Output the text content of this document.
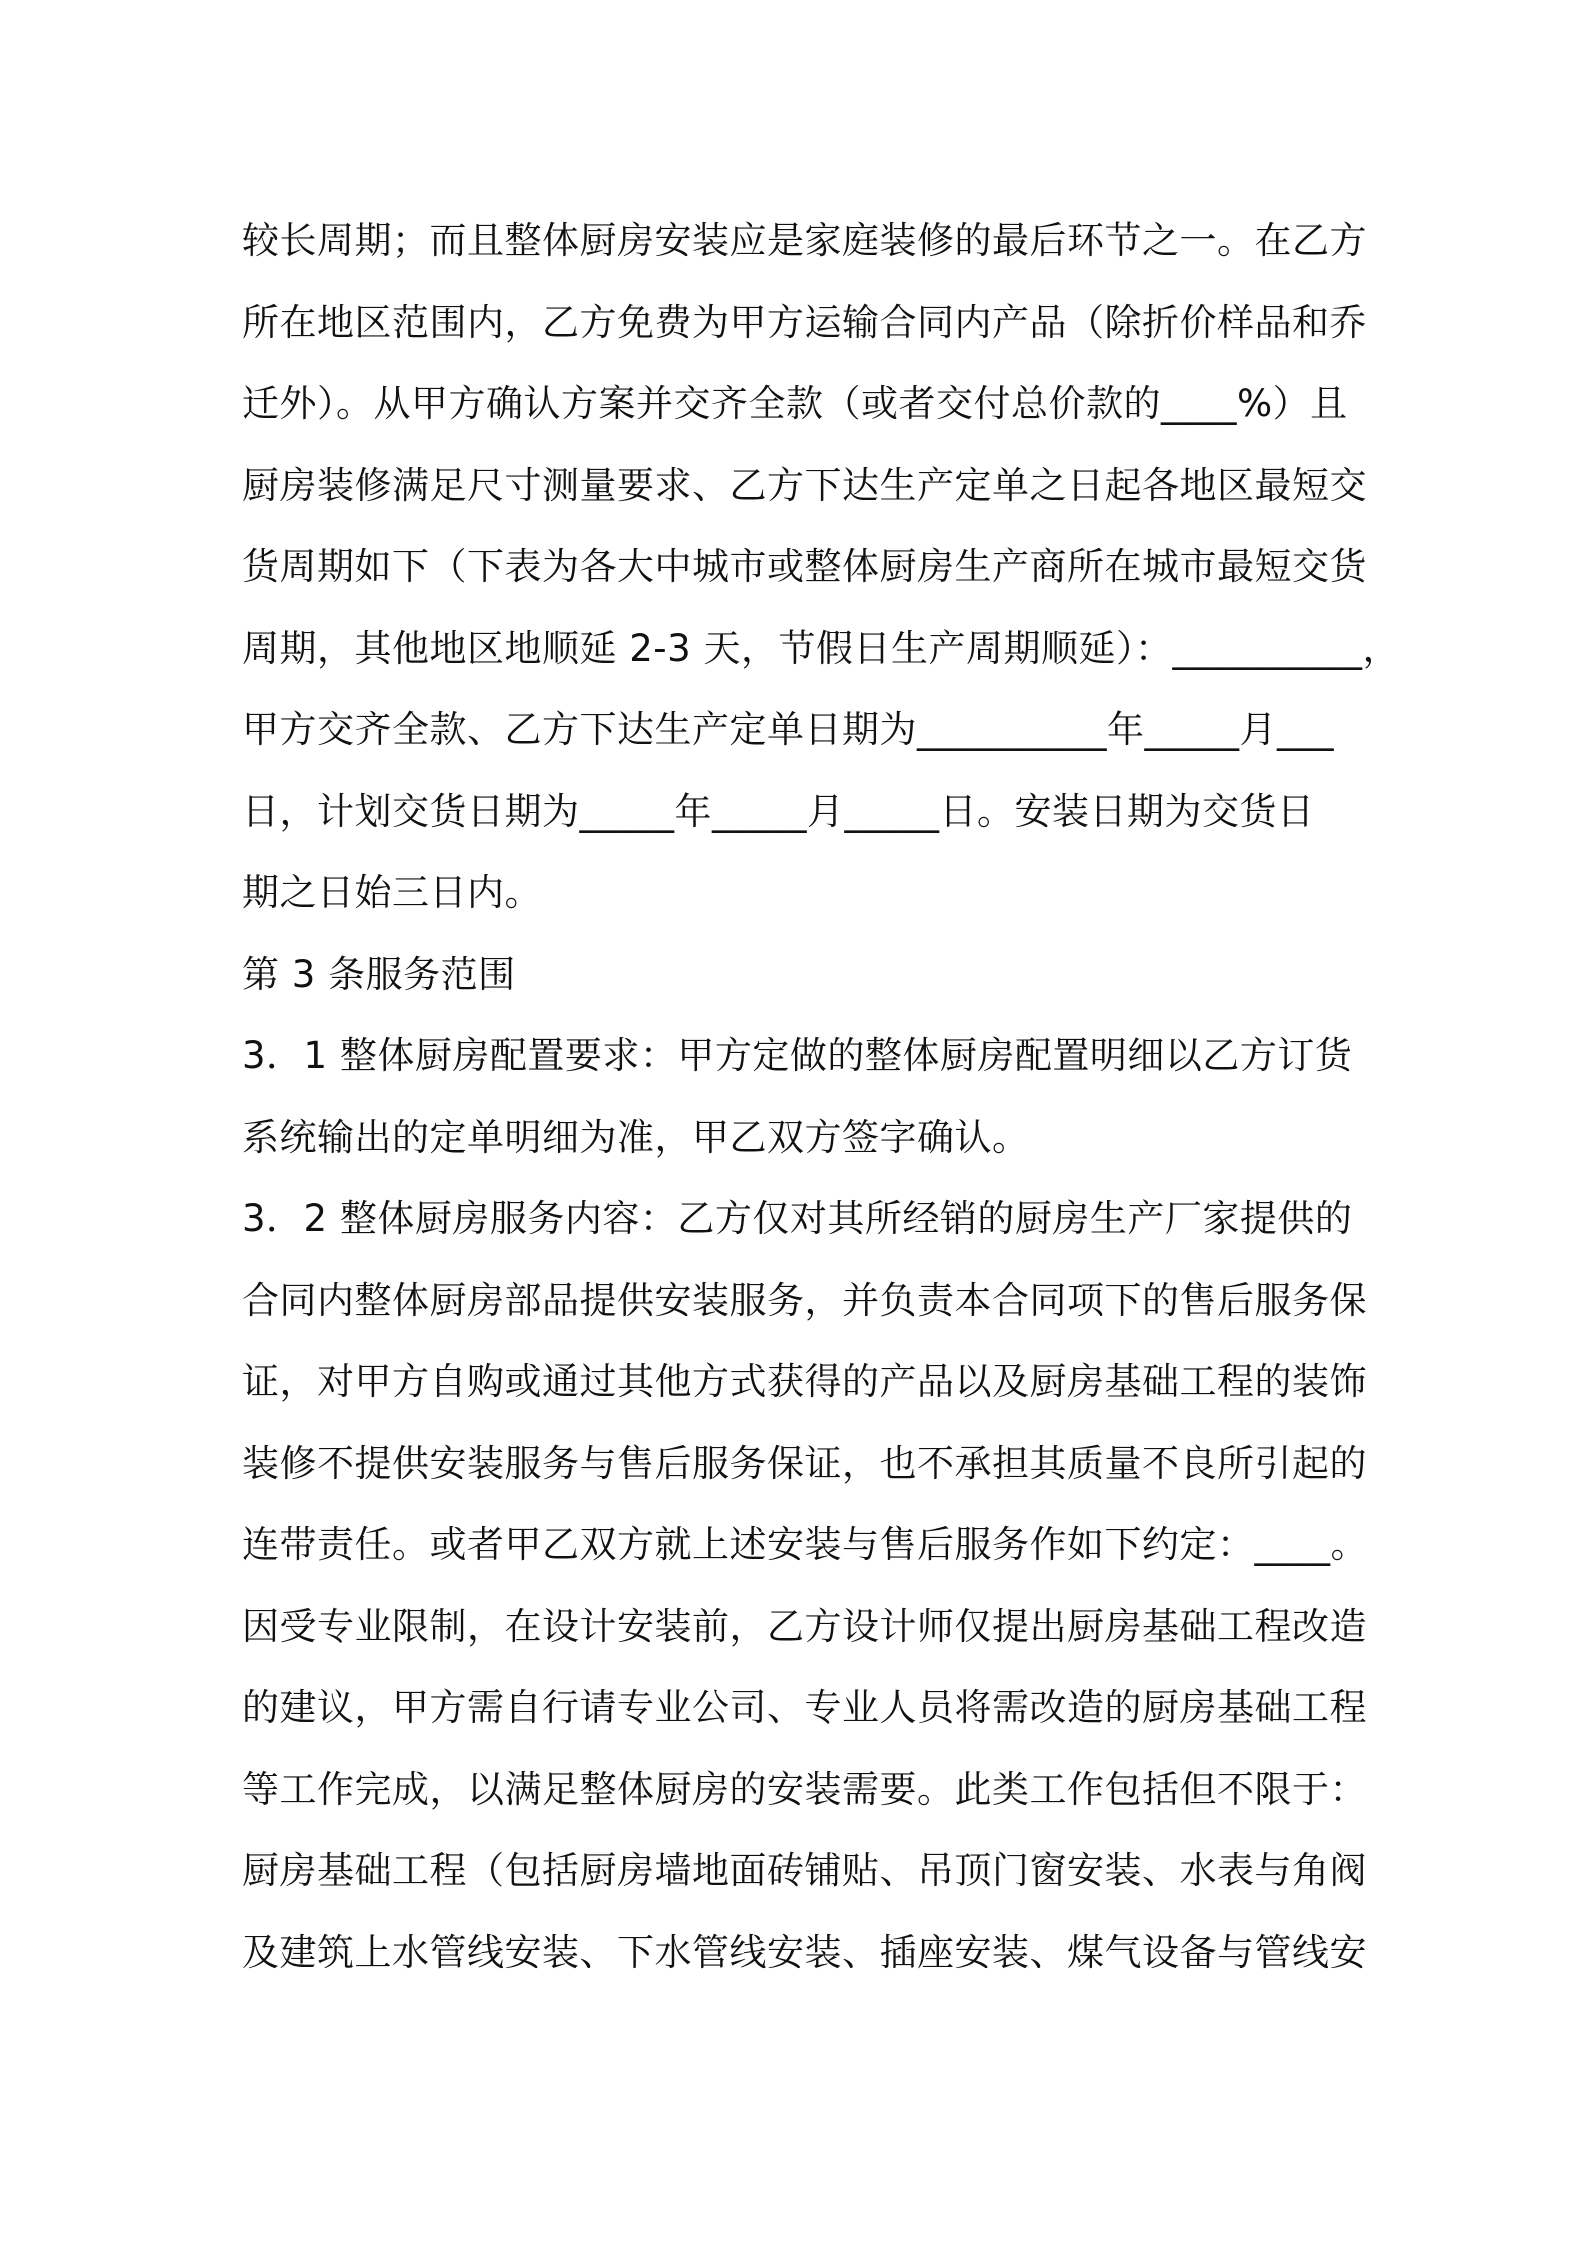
较长周期；而且整体厨房安装应是家庭装修的最后环节之一。在乙方
所在地区范围内，乙方免费为甲方运输合同内产品（除折价样品和乔
迁外）。从甲方确认方案并交齐全款（或者交付总价款的____%）且
厨房装修满足尺寸测量要求、乙方下达生产定单之日起各地区最短交
货周期如下（下表为各大中城市或整体厨房生产商所在城市最短交货
周期，其他地区地顺延 2-3 天，节假日生产周期顺延）：__________，
甲方交齐全款、乙方下达生产定单日期为__________年_____月___
日，计划交货日期为_____年_____月_____日。安装日期为交货日
期之日始三日内。
第 3 条服务范围
3．1 整体厨房配置要求：甲方定做的整体厨房配置明细以乙方订货
系统输出的定单明细为准，甲乙双方签字确认。
3．2 整体厨房服务内容：乙方仅对其所经销的厨房生产厂家提供的
合同内整体厨房部品提供安装服务，并负责本合同项下的售后服务保
证，对甲方自购或通过其他方式获得的产品以及厨房基础工程的装饰
装修不提供安装服务与售后服务保证，也不承担其质量不良所引起的
连带责任。或者甲乙双方就上述安装与售后服务作如下约定：____。
因受专业限制，在设计安装前，乙方设计师仅提出厨房基础工程改造
的建议，甲方需自行请专业公司、专业人员将需改造的厨房基础工程
等工作完成，以满足整体厨房的安装需要。此类工作包括但不限于：
厨房基础工程（包括厨房墙地面砖铺贴、吊顶门窗安装、水表与角阀
及建筑上水管线安装、下水管线安装、插座安装、煤气设备与管线安
